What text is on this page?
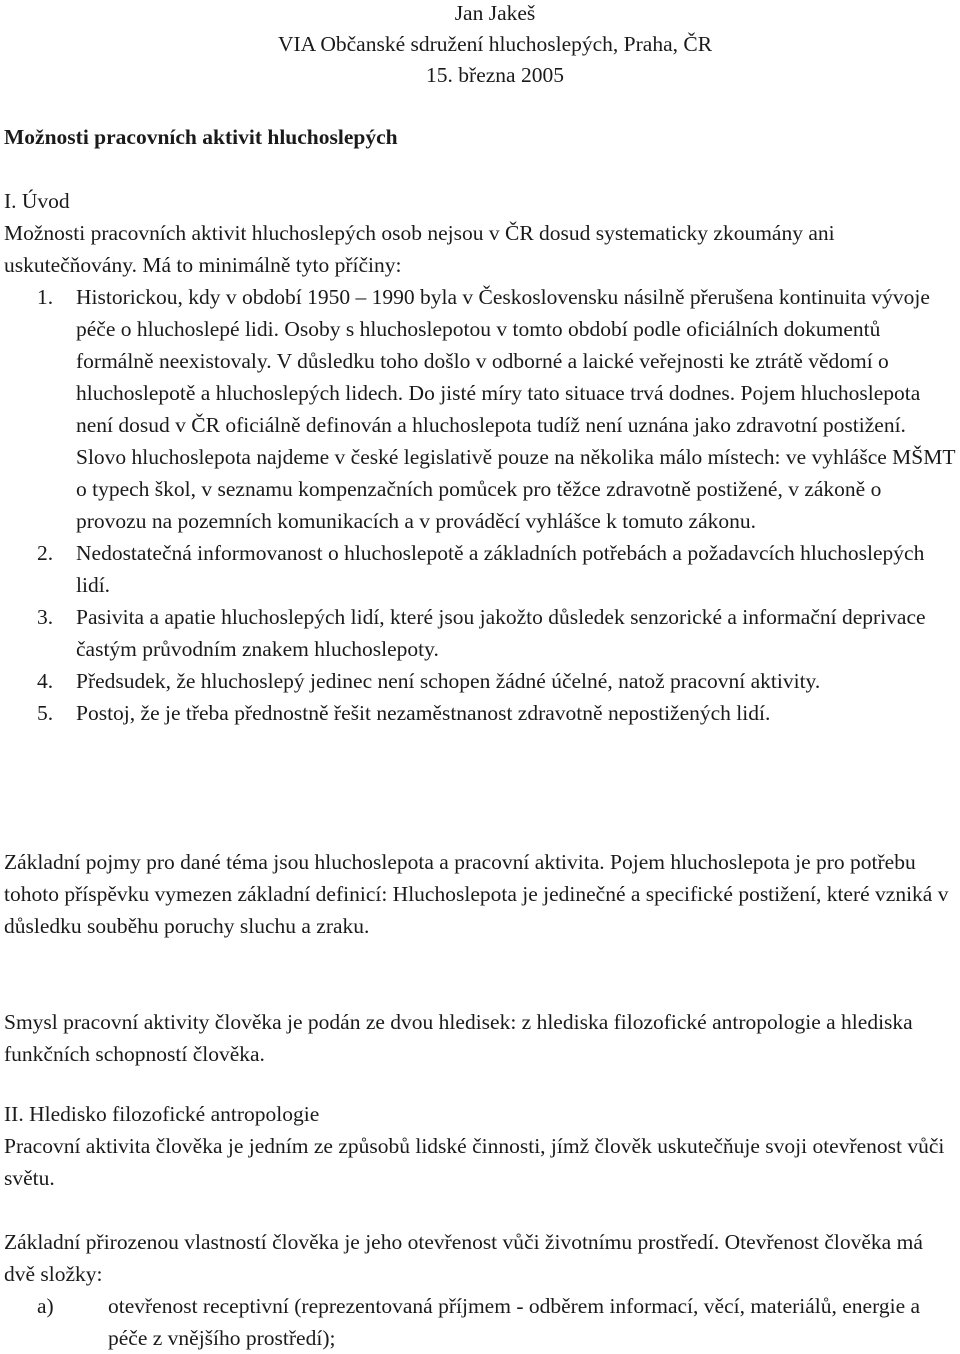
Jan Jakeš
VIA Občanské sdružení hluchoslepých, Praha, ČR
15. března 2005
Možnosti pracovních aktivit hluchoslepých

I. Úvod

Možnosti pracovních aktivit hluchoslepých osob nejsou v ČR dosud systematicky zkoumány ani uskutečňovány. Má to minimálně tyto příčiny:

1. Historickou, kdy v období 1950 – 1990 byla v Československu násilně přerušena kontinuita vývoje péče o hluchoslepé lidi. Osoby s hluchoslepotou v tomto období podle oficiálních dokumentů formálně neexistovaly. V důsledku toho došlo v odborné a laické veřejnosti ke ztrátě vědomí o hluchoslepotě a hluchoslepých lidech. Do jisté míry tato situace trvá dodnes. Pojem hluchoslepota není dosud v ČR oficiálně definován a hluchoslepota tudíž není uznána jako zdravotní postižení. Slovo hluchoslepota najdeme v české legislativě pouze na několika málo místech: ve vyhlášce MŠMT o typech škol, v seznamu kompenzačních pomůcek pro těžce zdravotně postižené, v zákoně o provozu na pozemních komunikacích a v prováděcí vyhlášce k tomuto zákonu.
2. Nedostatečná informovanost o hluchoslepotě a základních potřebách a požadavcích hluchoslepých lidí.
3. Pasivita a apatie hluchoslepých lidí, které jsou jakožto důsledek senzorické a informační deprivace častým průvodním znakem hluchoslepoty.
4. Předsudek, že hluchoslepý jedinec není schopen žádné účelné, natož pracovní aktivity.
5. Postoj, že je třeba přednostně řešit nezaměstnanost zdravotně nepostižených lidí.

Základní pojmy pro dané téma jsou hluchoslepota a pracovní aktivita. Pojem hluchoslepota je pro potřebu tohoto příspěvku vymezen základní definicí: Hluchoslepota je jedinečné a specifické postižení, které vzniká v důsledku souběhu poruchy sluchu a zraku.

Smysl pracovní aktivity člověka je podán ze dvou hledisek: z hlediska filozofické antropologie a hlediska funkčních schopností člověka.

II. Hledisko filozofické antropologie

Pracovní aktivita člověka je jedním ze způsobů lidské činnosti, jímž člověk uskutečňuje svoji otevřenost vůči světu.

Základní přirozenou vlastností člověka je jeho otevřenost vůči životnímu prostředí. Otevřenost člověka má dvě složky:

a)	otevřenost receptivní (reprezentovaná příjmem - odběrem informací, věcí, materiálů, energie a péče z vnějšího prostředí);
